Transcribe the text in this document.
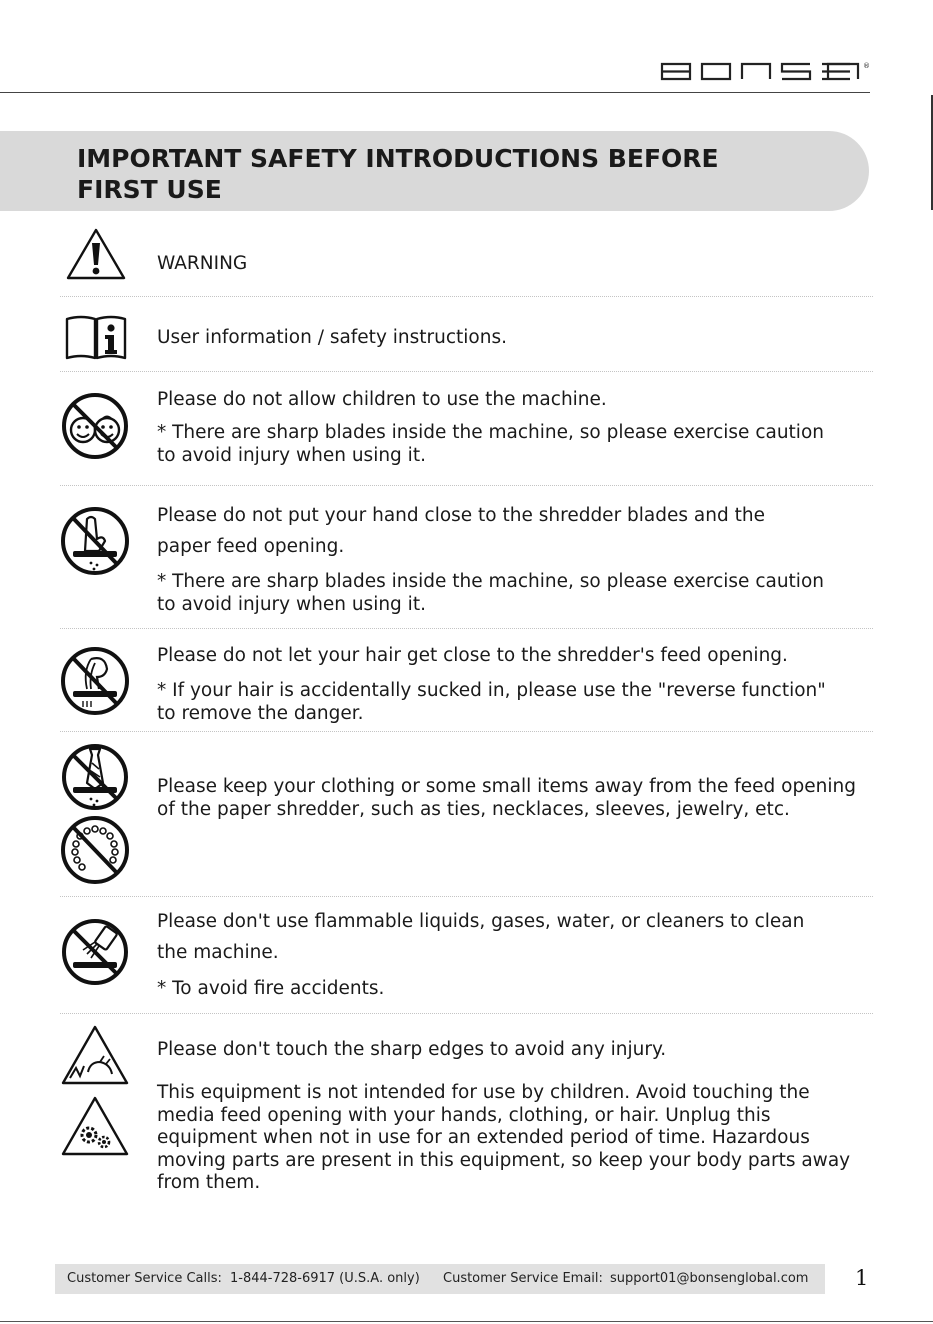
®
IMPORTANT SAFETY INTRODUCTIONS BEFORE
FIRST USE

WARNING

User information / safety instructions.

Please do not allow children to use the machine.

* There are sharp blades inside the machine, so please exercise caution to avoid injury when using it.

Please do not put your hand close to the shredder blades and the

paper feed opening.

* There are sharp blades inside the machine, so please exercise caution to avoid injury when using it.

Please do not let your hair get close to the shredder's feed opening.

* If your hair is accidentally sucked in, please use the "reverse function" to remove the danger.

Please keep your clothing or some small items away from the feed opening of the paper shredder, such as ties, necklaces, sleeves, jewelry, etc.

Please don't use flammable liquids, gases, water, or cleaners to clean

the machine.

* To avoid fire accidents.

Please don't touch the sharp edges to avoid any injury.

This equipment is not intended for use by children. Avoid touching the media feed opening with your hands, clothing, or hair. Unplug this equipment when not in use for an extended period of time. Hazardous moving parts are present in this equipment, so keep your body parts away from them.

Customer Service Calls: 1-844-728-6917 (U.S.A. only) Customer Service Email: support01@bonsenglobal.com 1
